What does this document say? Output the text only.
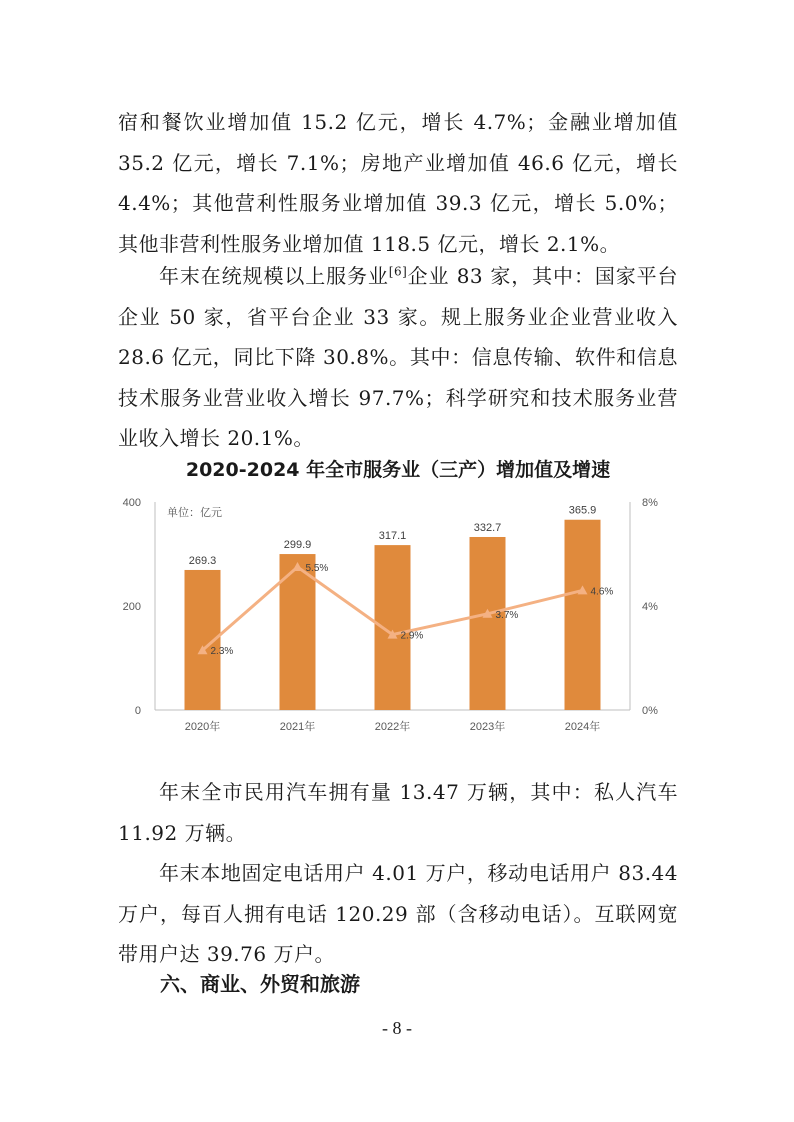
宿和餐饮业增加值 15.2 亿元，增长 4.7%；金融业增加值 35.2 亿元，增长 7.1%；房地产业增加值 46.6 亿元，增长 4.4%；其他营利性服务业增加值 39.3 亿元，增长 5.0%；其他非营利性服务业增加值 118.5 亿元，增长 2.1%。

年末在统规模以上服务业[6]企业 83 家，其中：国家平台企业 50 家，省平台企业 33 家。规上服务业企业营业收入 28.6 亿元，同比下降 30.8%。其中：信息传输、软件和信息技术服务业营业收入增长 97.7%；科学研究和技术服务业营业收入增长 20.1%。

2020-2024 年全市服务业（三产）增加值及增速

单位：亿元
0
200
400
0%
4%
8%
269.3
2020年
299.9
2021年
317.1
2022年
332.7
2023年
365.9
2024年
2.3%
5.5%
2.9%
3.7%
4.6%

年末全市民用汽车拥有量 13.47 万辆，其中：私人汽车 11.92 万辆。

年末本地固定电话用户 4.01 万户，移动电话用户 83.44 万户，每百人拥有电话 120.29 部（含移动电话）。互联网宽带用户达 39.76 万户。

六、商业、外贸和旅游

- 8 -
